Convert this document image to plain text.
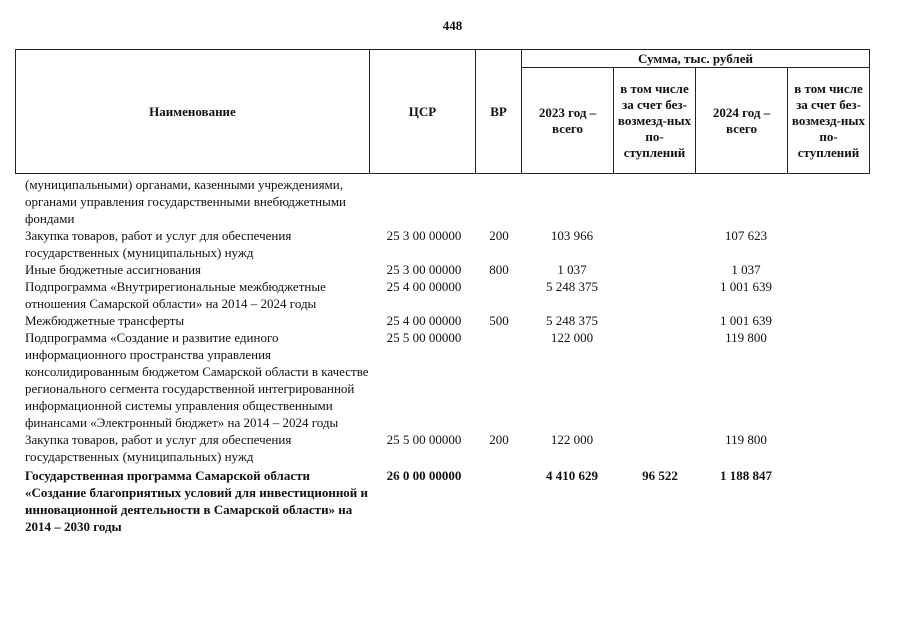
448
Наименование	ЦСР	ВР	Сумма, тыс. рублей			
			2023 год – всего	в том числе за счет без-возмезд-ных по-ступлений	2024 год – всего	в том числе за счет без-возмезд-ных по-ступлений
(муниципальными) органами, казенными учреждениями, органами управления государственными внебюджетными фондами						
Закупка товаров, работ и услуг для обеспечения государственных (муниципальных) нужд	25 3 00 00000	200	103 966		107 623	
Иные бюджетные ассигнования	25 3 00 00000	800	1 037		1 037	
Подпрограмма «Внутрирегиональные межбюджетные отношения Самарской области» на 2014 – 2024 годы	25 4 00 00000		5 248 375		1 001 639	
Межбюджетные трансферты	25 4 00 00000	500	5 248 375		1 001 639	
Подпрограмма «Создание и развитие единого информационного пространства управления консолидированным бюджетом Самарской области в качестве регионального сегмента государственной интегрированной информационной системы управления общественными финансами «Электронный бюджет» на 2014 – 2024 годы	25 5 00 00000		122 000		119 800	
Закупка товаров, работ и услуг для обеспечения государственных (муниципальных) нужд	25 5 00 00000	200	122 000		119 800	
Государственная программа Самарской области «Создание благоприятных условий для инвестиционной и инновационной деятельности в Самарской области» на 2014 – 2030 годы	26 0 00 00000		4 410 629	96 522	1 188 847	
